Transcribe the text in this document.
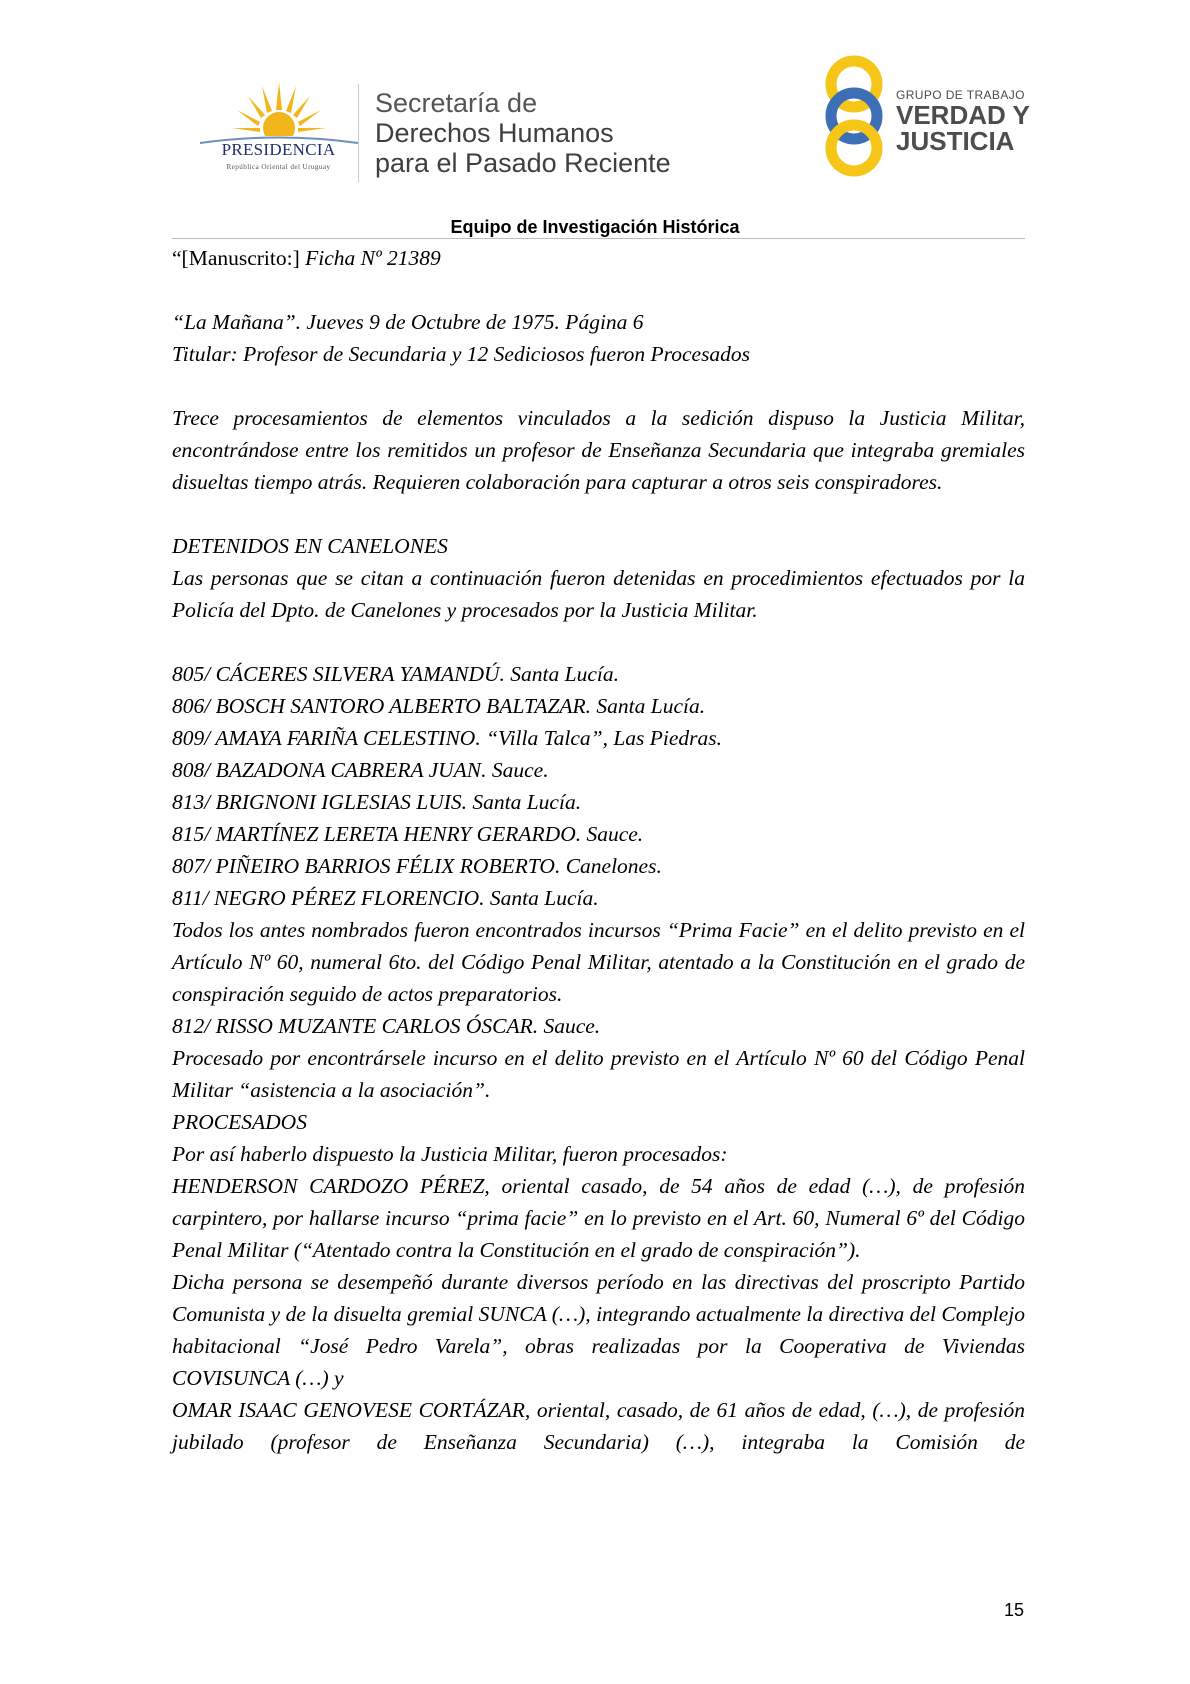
PRESIDENCIA
República Oriental del Uruguay
Secretaría de
Derechos Humanos
para el Pasado Reciente
GRUPO DE TRABAJO
VERDAD Y
JUSTICIA
Equipo de Investigación Histórica

“[Manuscrito:] Ficha Nº 21389

“La Mañana”. Jueves 9 de Octubre de 1975. Página 6

Titular: Profesor de Secundaria y 12 Sediciosos fueron Procesados

Trece procesamientos de elementos vinculados a la sedición dispuso la Justicia Militar, encontrándose entre los remitidos un profesor de Enseñanza Secundaria que integraba gremiales disueltas tiempo atrás. Requieren colaboración para capturar a otros seis conspiradores.

DETENIDOS EN CANELONES

Las personas que se citan a continuación fueron detenidas en procedimientos efectuados por la Policía del Dpto. de Canelones y procesados por la Justicia Militar.

805/ CÁCERES SILVERA YAMANDÚ. Santa Lucía.

806/ BOSCH SANTORO ALBERTO BALTAZAR. Santa Lucía.

809/ AMAYA FARIÑA CELESTINO. “Villa Talca”, Las Piedras.

808/ BAZADONA CABRERA JUAN. Sauce.

813/ BRIGNONI IGLESIAS LUIS. Santa Lucía.

815/ MARTÍNEZ LERETA HENRY GERARDO. Sauce.

807/ PIÑEIRO BARRIOS FÉLIX ROBERTO. Canelones.

811/ NEGRO PÉREZ FLORENCIO. Santa Lucía.

Todos los antes nombrados fueron encontrados incursos “Prima Facie” en el delito previsto en el Artículo Nº 60, numeral 6to. del Código Penal Militar, atentado a la Constitución en el grado de conspiración seguido de actos preparatorios.

812/ RISSO MUZANTE CARLOS ÓSCAR. Sauce.

Procesado por encontrársele incurso en el delito previsto en el Artículo Nº 60 del Código Penal Militar “asistencia a la asociación”.

PROCESADOS

Por así haberlo dispuesto la Justicia Militar, fueron procesados:

HENDERSON CARDOZO PÉREZ, oriental casado, de 54 años de edad (…), de profesión carpintero, por hallarse incurso “prima facie” en lo previsto en el Art. 60, Numeral 6º del Código Penal Militar (“Atentado contra la Constitución en el grado de conspiración”).

Dicha persona se desempeñó durante diversos período en las directivas del proscripto Partido Comunista y de la disuelta gremial SUNCA (…), integrando actualmente la directiva del Complejo habitacional “José Pedro Varela”, obras realizadas por la Cooperativa de Viviendas COVISUNCA (…) y

OMAR ISAAC GENOVESE CORTÁZAR, oriental, casado, de 61 años de edad, (…), de profesión jubilado (profesor de Enseñanza Secundaria) (…), integraba la Comisión de

15
